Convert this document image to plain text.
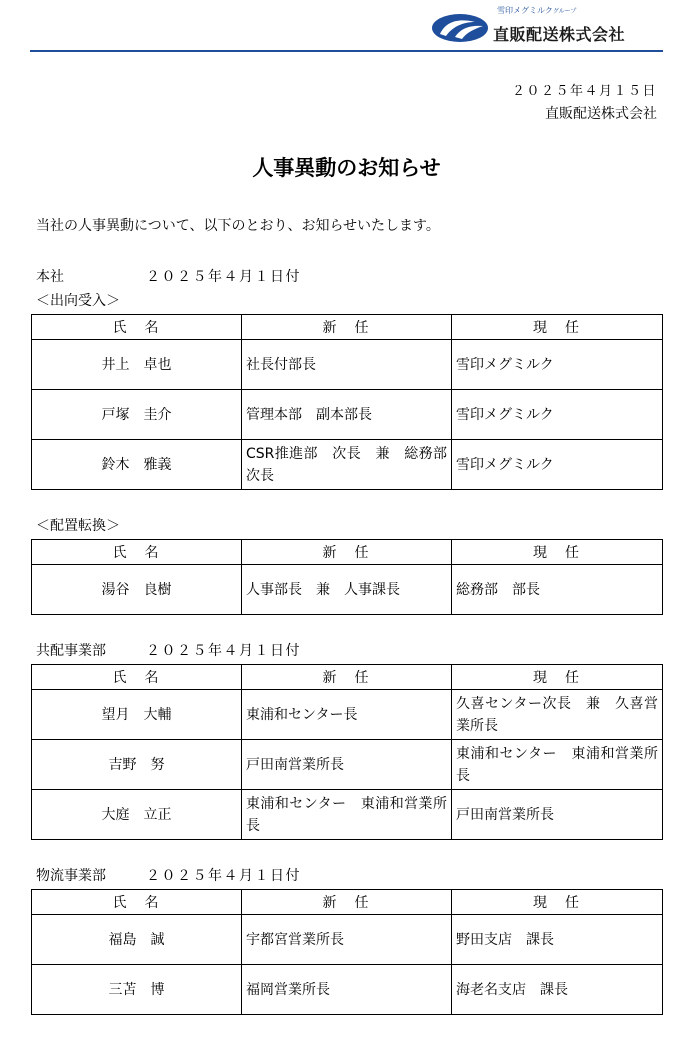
雪印メグミルクグループ
直販配送株式会社
２０２５年４月１５日
直販配送株式会社
人事異動のお知らせ
当社の人事異動について、以下のとおり、お知らせいたします。
本社	２０２５年４月１日付
＜出向受入＞
氏　名	新　任	現　任
井上　卓也	社長付部長	雪印メグミルク
戸塚　圭介	管理本部　副本部長	雪印メグミルク
鈴木　雅義	CSR推進部　次長　兼　総務部　次長	雪印メグミルク
＜配置転換＞
氏　名	新　任	現　任
湯谷　良樹	人事部長　兼　人事課長	総務部　部長
共配事業部	２０２５年４月１日付
氏　名	新　任	現　任
望月　大輔	東浦和センター長	久喜センター次長　兼　久喜営業所長
吉野　努	戸田南営業所長	東浦和センター　東浦和営業所長
大庭　立正	東浦和センター　東浦和営業所長	戸田南営業所長
物流事業部	２０２５年４月１日付
氏　名	新　任	現　任
福島　誠	宇都宮営業所長	野田支店　課長
三苫　博	福岡営業所長	海老名支店　課長
